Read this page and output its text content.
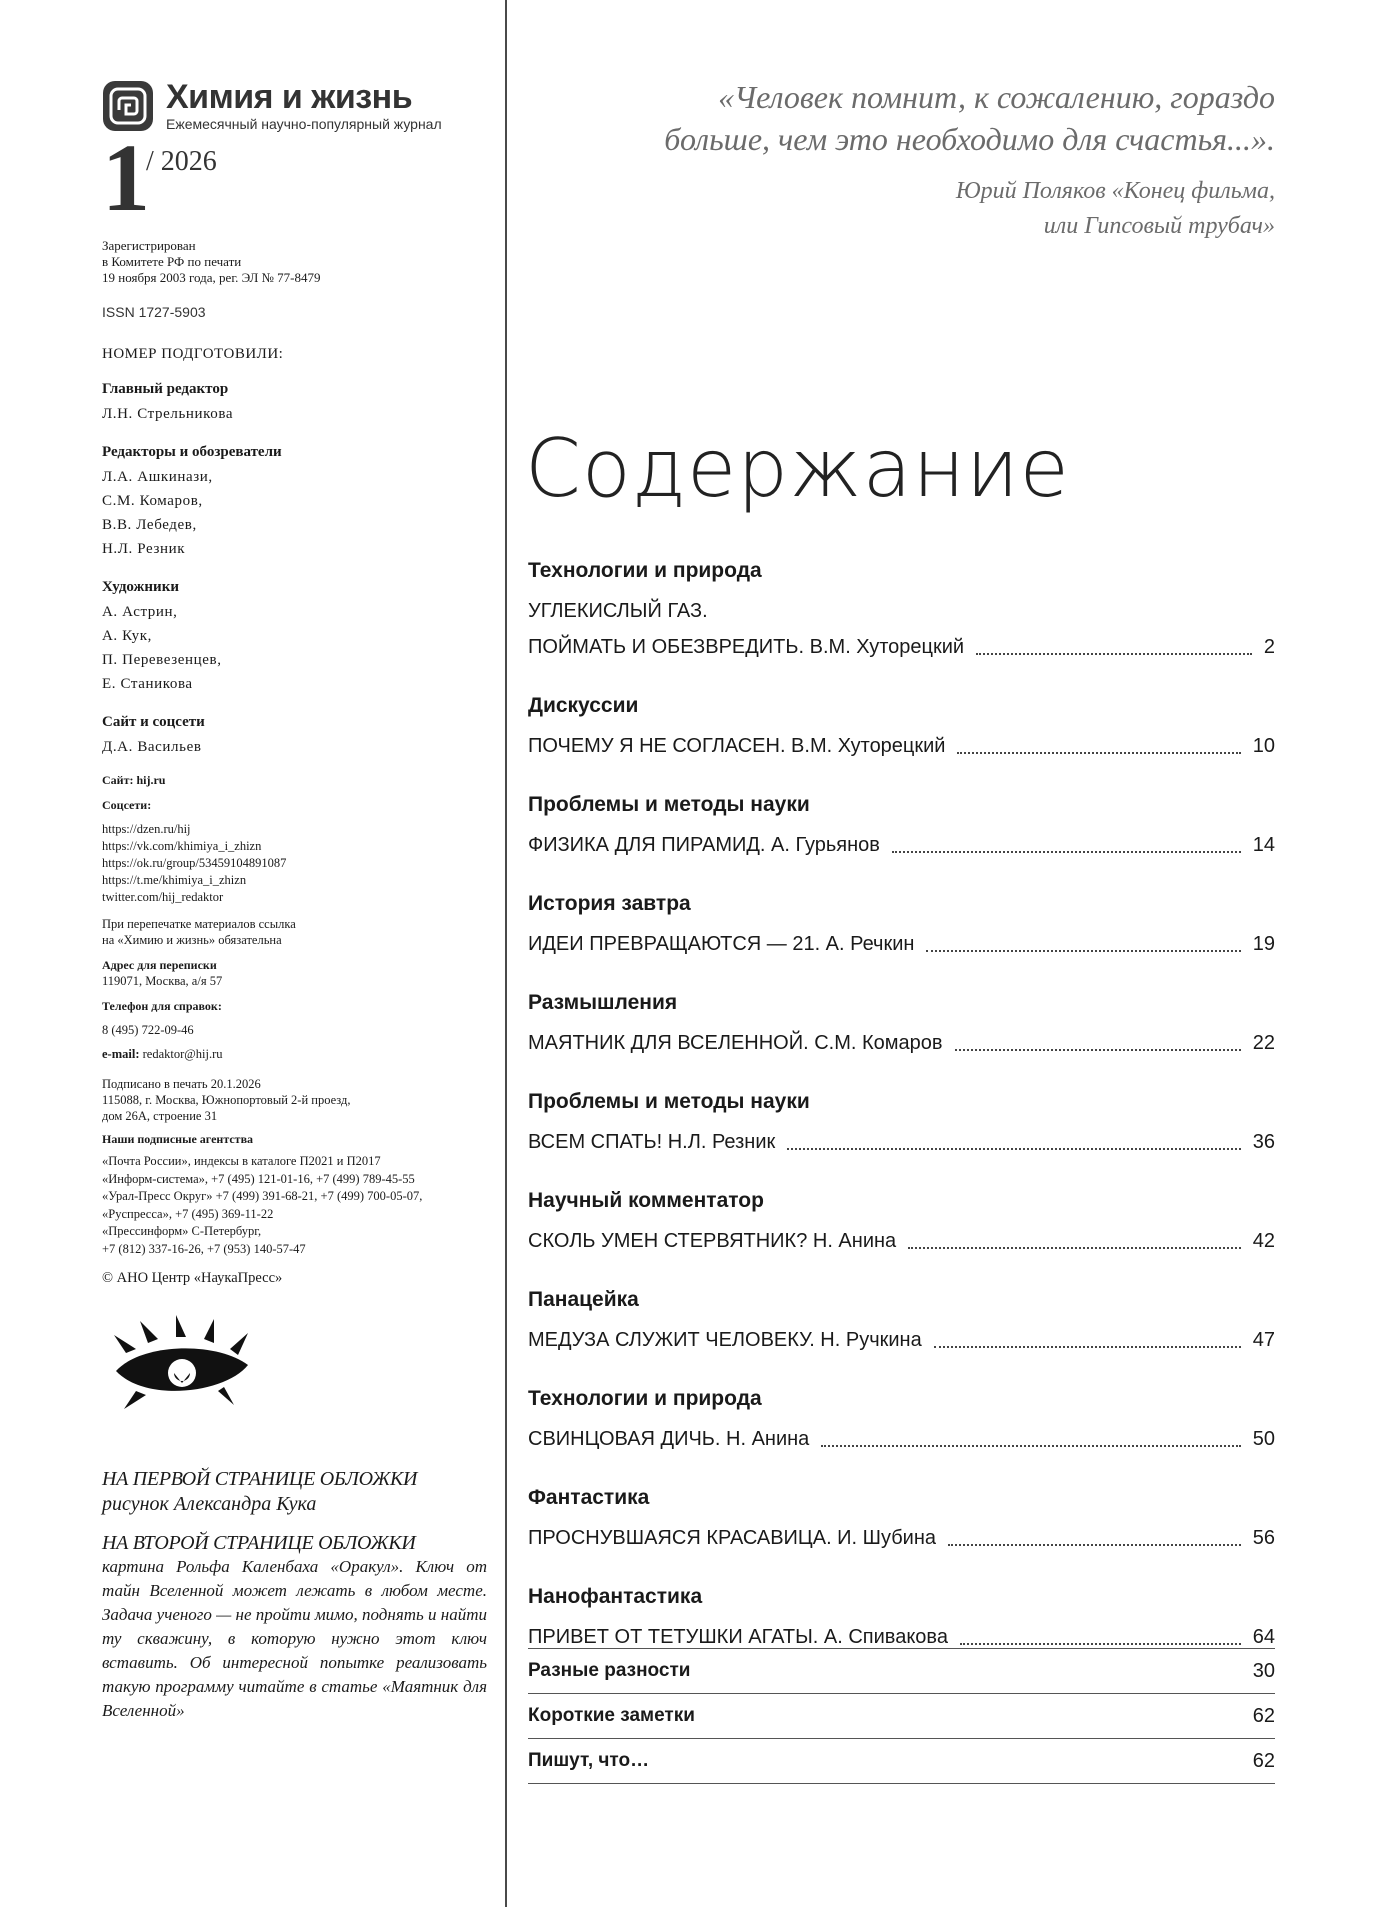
Химия и жизнь
Ежемесячный научно-популярный журнал
1
/ 2026
Зарегистрирован
в Комитете РФ по печати
19 ноября 2003 года, рег. ЭЛ № 77-8479
ISSN 1727-5903
НОМЕР ПОДГОТОВИЛИ:
Главный редактор
Л.Н. Стрельникова
Редакторы и обозреватели
Л.А. Ашкинази,
С.М. Комаров,
В.В. Лебедев,
Н.Л. Резник
Художники
А. Астрин,
А. Кук,
П. Перевезенцев,
Е. Станикова
Сайт и соцсети
Д.А. Васильев
Сайт: hij.ru
Соцсети:
https://dzen.ru/hij
https://vk.com/khimiya_i_zhizn
https://ok.ru/group/53459104891087
https://t.me/khimiya_i_zhizn
twitter.com/hij_redaktor
При перепечатке материалов ссылка
на «Химию и жизнь» обязательна
Адрес для переписки
119071, Москва, а/я 57
Телефон для справок:
8 (495) 722-09-46
e-mail: redaktor@hij.ru
Подписано в печать 20.1.2026
115088, г. Москва, Южнопортовый 2-й проезд,
дом 26А, строение 31
Наши подписные агентства
«Почта России», индексы в каталоге П2021 и П2017
«Информ-система», +7 (495) 121-01-16, +7 (499) 789-45-55
«Урал-Пресс Округ» +7 (499) 391-68-21, +7 (499) 700-05-07,
«Руспресса», +7 (495) 369-11-22
«Прессинформ» С-Петербург,
+7 (812) 337-16-26, +7 (953) 140-57-47
© АНО Центр «НаукаПресс»
НА ПЕРВОЙ СТРАНИЦЕ ОБЛОЖКИ
рисунок Александра Кука
НА ВТОРОЙ СТРАНИЦЕ ОБЛОЖКИ
картина Рольфа Каленбаха «Оракул». Ключ от тайн Вселенной может лежать в любом месте. Задача ученого — не пройти мимо, поднять и найти ту скважину, в которую нужно этот ключ вставить. Об интересной попытке реализовать такую программу читайте в статье «Маятник для Вселенной»
«Человек помнит, к сожалению, гораздо
больше, чем это необходимо для счастья...».
Юрий Поляков «Конец фильма,
или Гипсовый трубач»
Содержание
Технологии и природа
УГЛЕКИСЛЫЙ ГАЗ.
ПОЙМАТЬ И ОБЕЗВРЕДИТЬ. В.М. Хуторецкий	2
Дискуссии
ПОЧЕМУ Я НЕ СОГЛАСЕН. В.М. Хуторецкий	10
Проблемы и методы науки
ФИЗИКА ДЛЯ ПИРАМИД. А. Гурьянов	14
История завтра
ИДЕИ ПРЕВРАЩАЮТСЯ — 21. А. Речкин	19
Размышления
МАЯТНИК ДЛЯ ВСЕЛЕННОЙ. С.М. Комаров	22
Проблемы и методы науки
ВСЕМ СПАТЬ! Н.Л. Резник	36
Научный комментатор
СКОЛЬ УМЕН СТЕРВЯТНИК? Н. Анина	42
Панацейка
МЕДУЗА СЛУЖИТ ЧЕЛОВЕКУ. Н. Ручкина	47
Технологии и природа
СВИНЦОВАЯ ДИЧЬ. Н. Анина	50
Фантастика
ПРОСНУВШАЯСЯ КРАСАВИЦА. И. Шубина	56
Нанофантастика
ПРИВЕТ ОТ ТЕТУШКИ АГАТЫ. А. Спивакова	64
Разные разности	30
Короткие заметки	62
Пишут, что…	62
